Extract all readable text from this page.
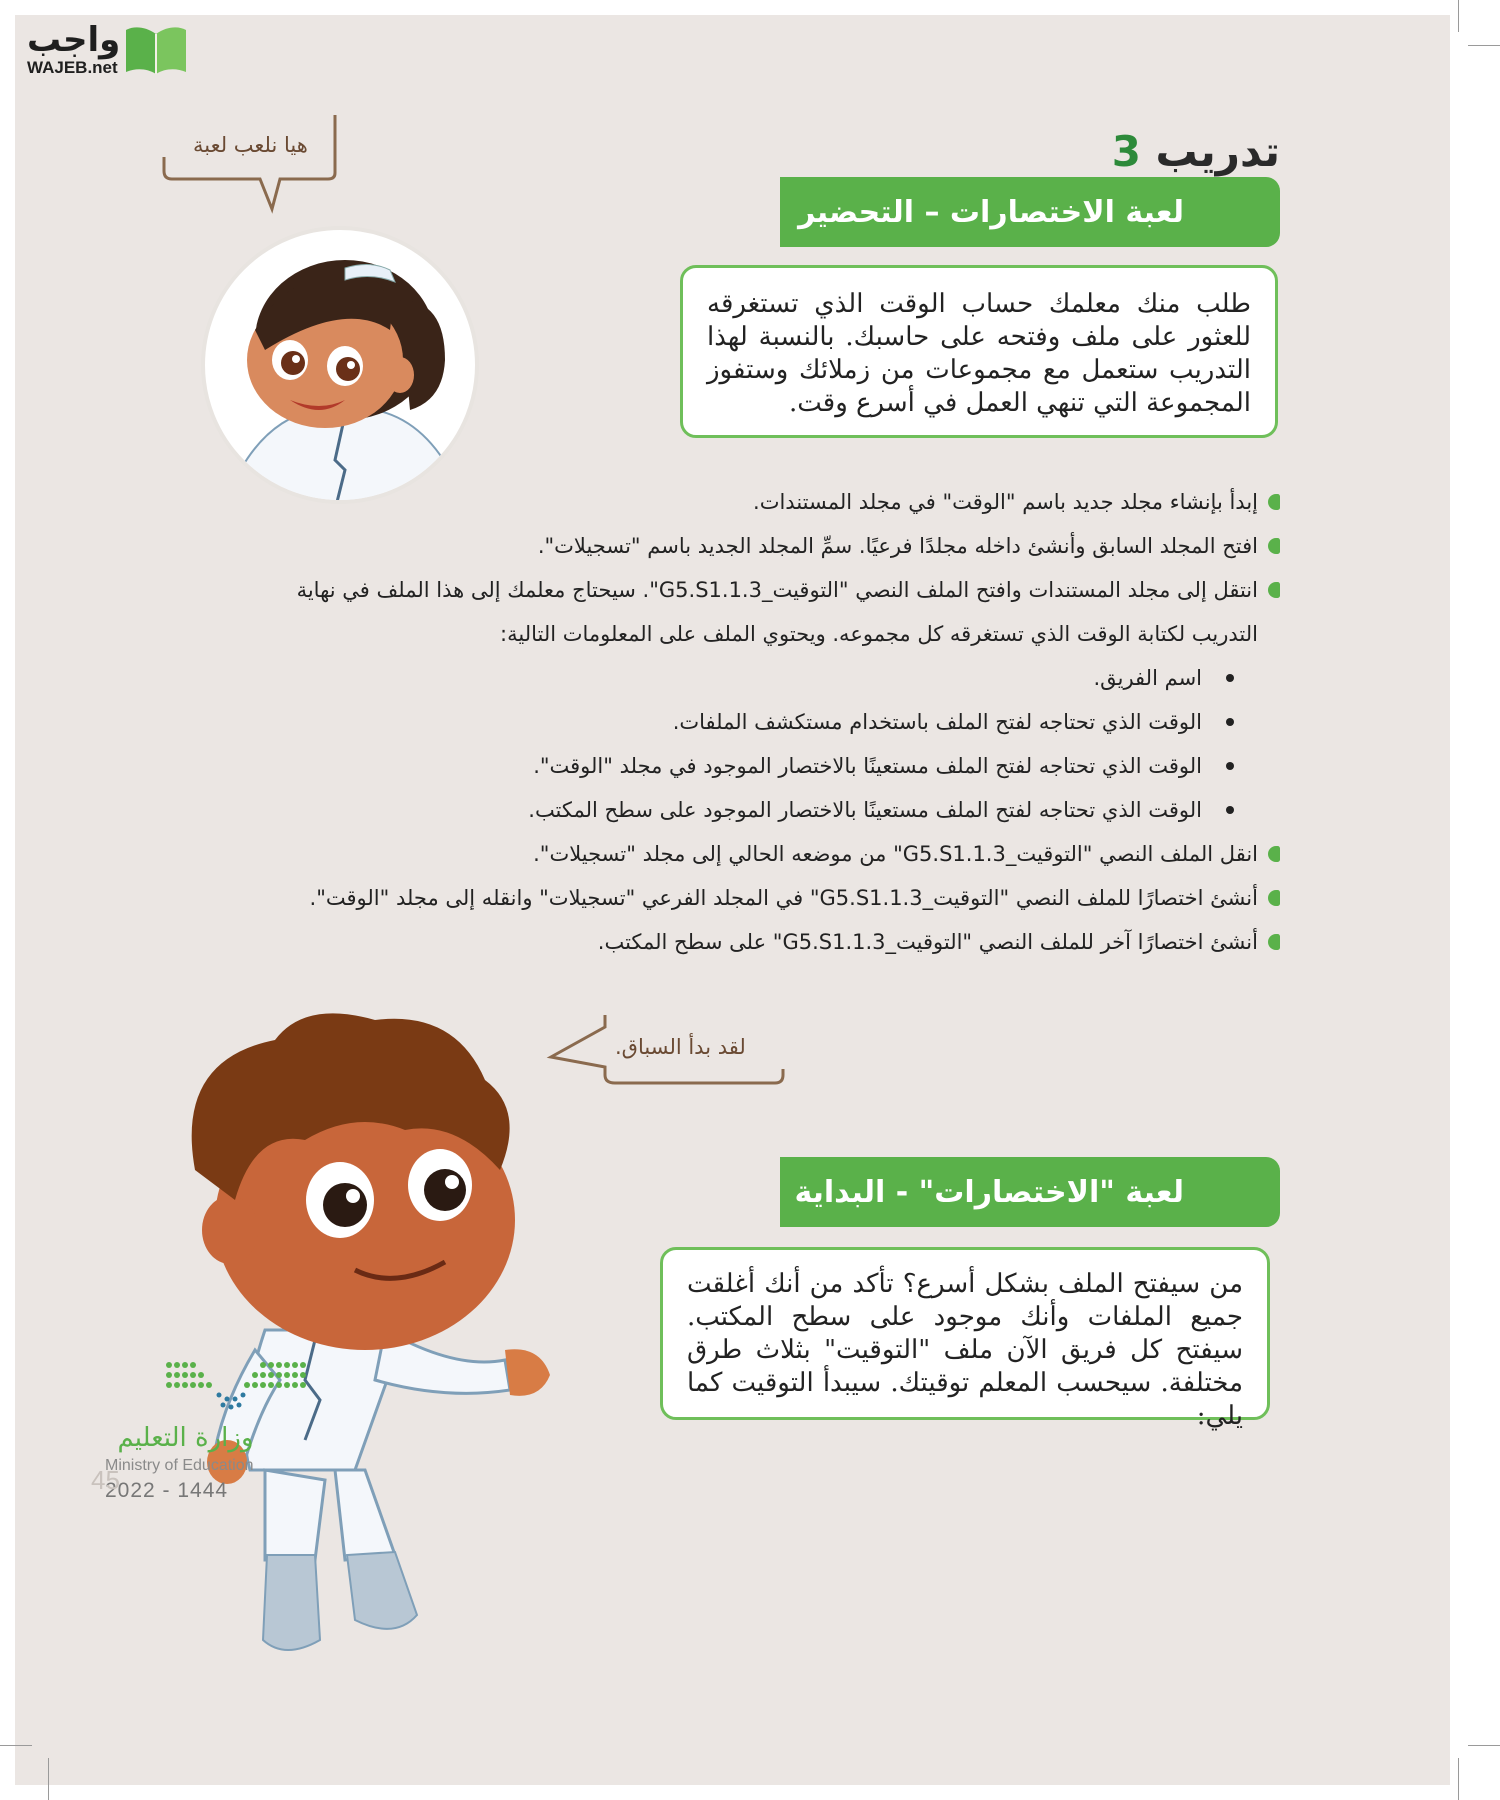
واجب
WAJEB.net
تدريب 3
هيا نلعب لعبة
لعبة الاختصارات – التحضير

طلب منك معلمك حساب الوقت الذي تستغرقه للعثور على ملف وفتحه على حاسبك. بالنسبة لهذا التدريب ستعمل مع مجموعات من زملائك وستفوز المجموعة التي تنهي العمل في أسرع وقت.

إبدأ بإنشاء مجلد جديد باسم "الوقت" في مجلد المستندات.
افتح المجلد السابق وأنشئ داخله مجلدًا فرعيًا. سمِّ المجلد الجديد باسم "تسجيلات".
انتقل إلى مجلد المستندات وافتح الملف النصي "التوقيت_G5.S1.1.3". سيحتاج معلمك إلى هذا الملف في نهاية
التدريب لكتابة الوقت الذي تستغرقه كل مجموعه. ويحتوي الملف على المعلومات التالية:
اسم الفريق.
الوقت الذي تحتاجه لفتح الملف باستخدام مستكشف الملفات.
الوقت الذي تحتاجه لفتح الملف مستعينًا بالاختصار الموجود في مجلد "الوقت".
الوقت الذي تحتاجه لفتح الملف مستعينًا بالاختصار الموجود على سطح المكتب.
انقل الملف النصي "التوقيت_G5.S1.1.3" من موضعه الحالي إلى مجلد "تسجيلات".
أنشئ اختصارًا للملف النصي "التوقيت_G5.S1.1.3" في المجلد الفرعي "تسجيلات" وانقله إلى مجلد "الوقت".
أنشئ اختصارًا آخر للملف النصي "التوقيت_G5.S1.1.3" على سطح المكتب.
لقد بدأ السباق.
لعبة "الاختصارات" - البداية

من سيفتح الملف بشكل أسرع؟ تأكد من أنك أغلقت جميع الملفات وأنك موجود على سطح المكتب. سيفتح كل فريق الآن ملف "التوقيت" بثلاث طرق مختلفة. سيحسب المعلم توقيتك. سيبدأ التوقيت كما يلي:

وزارة التعليم
Ministry of Education
2022 - 1444
45
